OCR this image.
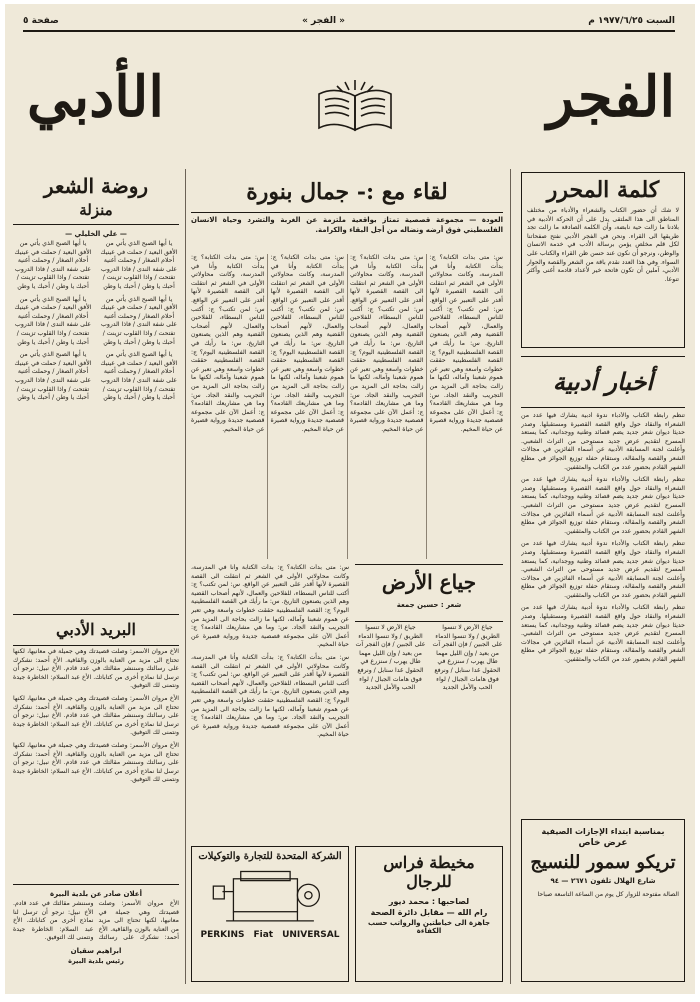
السبت ١٩٧٧/٦/٢٥ م
« الفجر »
صفحة ٥
الفجر
الأدبي
كلمة المحرر

لا شك أن حضور الكتاب والشعراء والأدباء من مختلف المناطق الى هذا الملتقى يدل على أن الحركة الأدبية في بلادنا ما زالت حية نابضة، وأن الكلمة الصادقة ما زالت تجد طريقها الى القراء. ونحن في الفجر الأدبي نفتح صفحاتنا لكل قلم مخلص يؤمن برسالة الأدب في خدمة الانسان والوطن، ونرجو أن نكون عند حسن ظن القراء والكتاب على السواء. وفي هذا العدد نقدم باقة من الشعر والقصة والحوار الأدبي، آملين أن تكون فاتحة خير لأعداد قادمة أغنى وأكثر تنوعا.

أخبار أدبية

تنظم رابطة الكتاب والأدباء ندوة أدبية يشارك فيها عدد من الشعراء والنقاد حول واقع القصة القصيرة ومستقبلها. وصدر حديثا ديوان شعر جديد يضم قصائد وطنية ووجدانية، كما يستعد المسرح لتقديم عرض جديد مستوحى من التراث الشعبي. وأعلنت لجنة المسابقة الأدبية عن أسماء الفائزين في مجالات الشعر والقصة والمقالة، وستقام حفلة توزيع الجوائز في مطلع الشهر القادم بحضور عدد من الكتاب والمثقفين.

تنظم رابطة الكتاب والأدباء ندوة أدبية يشارك فيها عدد من الشعراء والنقاد حول واقع القصة القصيرة ومستقبلها. وصدر حديثا ديوان شعر جديد يضم قصائد وطنية ووجدانية، كما يستعد المسرح لتقديم عرض جديد مستوحى من التراث الشعبي. وأعلنت لجنة المسابقة الأدبية عن أسماء الفائزين في مجالات الشعر والقصة والمقالة، وستقام حفلة توزيع الجوائز في مطلع الشهر القادم بحضور عدد من الكتاب والمثقفين.

تنظم رابطة الكتاب والأدباء ندوة أدبية يشارك فيها عدد من الشعراء والنقاد حول واقع القصة القصيرة ومستقبلها. وصدر حديثا ديوان شعر جديد يضم قصائد وطنية ووجدانية، كما يستعد المسرح لتقديم عرض جديد مستوحى من التراث الشعبي. وأعلنت لجنة المسابقة الأدبية عن أسماء الفائزين في مجالات الشعر والقصة والمقالة، وستقام حفلة توزيع الجوائز في مطلع الشهر القادم بحضور عدد من الكتاب والمثقفين.

تنظم رابطة الكتاب والأدباء ندوة أدبية يشارك فيها عدد من الشعراء والنقاد حول واقع القصة القصيرة ومستقبلها. وصدر حديثا ديوان شعر جديد يضم قصائد وطنية ووجدانية، كما يستعد المسرح لتقديم عرض جديد مستوحى من التراث الشعبي. وأعلنت لجنة المسابقة الأدبية عن أسماء الفائزين في مجالات الشعر والقصة والمقالة، وستقام حفلة توزيع الجوائز في مطلع الشهر القادم بحضور عدد من الكتاب والمثقفين.

بمناسبة ابتداء الإجازات الصيفية
عرض خاص
تريكو سمور للنسيج
شارع الهلال تلفون ٢٦٧١ — ٩٤

الصالة مفتوحة للزوار كل يوم من الساعة التاسعة صباحا

لقاء مع :- جمال بنورة

العودة — مجموعة قصصية تمتاز بواقعية ملتزمة عن الغربة والتشرد وحياة الانسان الفلسطيني فوق أرضه ونضاله من أجل البقاء والكرامة.

س: متى بدأت الكتابة؟ ج: بدأت الكتابة وأنا في المدرسة، وكانت محاولاتي الأولى في الشعر ثم انتقلت الى القصة القصيرة لأنها أقدر على التعبير عن الواقع. س: لمن تكتب؟ ج: أكتب للناس البسطاء، للفلاحين والعمال، لأنهم أصحاب القضية وهم الذين يصنعون التاريخ. س: ما رأيك في القصة الفلسطينية اليوم؟ ج: القصة الفلسطينية حققت خطوات واسعة وهي تعبر عن هموم شعبنا وآماله، لكنها ما زالت بحاجة الى المزيد من التجريب والنقد الجاد. س: وما هي مشاريعك القادمة؟ ج: أعمل الآن على مجموعة قصصية جديدة ورواية قصيرة عن حياة المخيم.

س: متى بدأت الكتابة؟ ج: بدأت الكتابة وأنا في المدرسة، وكانت محاولاتي الأولى في الشعر ثم انتقلت الى القصة القصيرة لأنها أقدر على التعبير عن الواقع. س: لمن تكتب؟ ج: أكتب للناس البسطاء، للفلاحين والعمال، لأنهم أصحاب القضية وهم الذين يصنعون التاريخ. س: ما رأيك في القصة الفلسطينية اليوم؟ ج: القصة الفلسطينية حققت خطوات واسعة وهي تعبر عن هموم شعبنا وآماله، لكنها ما زالت بحاجة الى المزيد من التجريب والنقد الجاد. س: وما هي مشاريعك القادمة؟ ج: أعمل الآن على مجموعة قصصية جديدة ورواية قصيرة عن حياة المخيم.

س: متى بدأت الكتابة؟ ج: بدأت الكتابة وأنا في المدرسة، وكانت محاولاتي الأولى في الشعر ثم انتقلت الى القصة القصيرة لأنها أقدر على التعبير عن الواقع. س: لمن تكتب؟ ج: أكتب للناس البسطاء، للفلاحين والعمال، لأنهم أصحاب القضية وهم الذين يصنعون التاريخ. س: ما رأيك في القصة الفلسطينية اليوم؟ ج: القصة الفلسطينية حققت خطوات واسعة وهي تعبر عن هموم شعبنا وآماله، لكنها ما زالت بحاجة الى المزيد من التجريب والنقد الجاد. س: وما هي مشاريعك القادمة؟ ج: أعمل الآن على مجموعة قصصية جديدة ورواية قصيرة عن حياة المخيم.

س: متى بدأت الكتابة؟ ج: بدأت الكتابة وأنا في المدرسة، وكانت محاولاتي الأولى في الشعر ثم انتقلت الى القصة القصيرة لأنها أقدر على التعبير عن الواقع. س: لمن تكتب؟ ج: أكتب للناس البسطاء، للفلاحين والعمال، لأنهم أصحاب القضية وهم الذين يصنعون التاريخ. س: ما رأيك في القصة الفلسطينية اليوم؟ ج: القصة الفلسطينية حققت خطوات واسعة وهي تعبر عن هموم شعبنا وآماله، لكنها ما زالت بحاجة الى المزيد من التجريب والنقد الجاد. س: وما هي مشاريعك القادمة؟ ج: أعمل الآن على مجموعة قصصية جديدة ورواية قصيرة عن حياة المخيم.

جياع الأرض
شعر : حسين جمعة

جياع الأرض لا تنسوا الطريق / ولا تنسوا الدماء على الجبين / فإن الفجر آت من بعيد / وإن الليل مهما طال يهرب / سنزرع في الحقول غدا سنابل / ونرفع فوق هامات الجبال / لواء الحب والأمل الجديد

جياع الأرض لا تنسوا الطريق / ولا تنسوا الدماء على الجبين / فإن الفجر آت من بعيد / وإن الليل مهما طال يهرب / سنزرع في الحقول غدا سنابل / ونرفع فوق هامات الجبال / لواء الحب والأمل الجديد

س: متى بدأت الكتابة؟ ج: بدأت الكتابة وأنا في المدرسة، وكانت محاولاتي الأولى في الشعر ثم انتقلت الى القصة القصيرة لأنها أقدر على التعبير عن الواقع. س: لمن تكتب؟ ج: أكتب للناس البسطاء، للفلاحين والعمال، لأنهم أصحاب القضية وهم الذين يصنعون التاريخ. س: ما رأيك في القصة الفلسطينية اليوم؟ ج: القصة الفلسطينية حققت خطوات واسعة وهي تعبر عن هموم شعبنا وآماله، لكنها ما زالت بحاجة الى المزيد من التجريب والنقد الجاد. س: وما هي مشاريعك القادمة؟ ج: أعمل الآن على مجموعة قصصية جديدة ورواية قصيرة عن حياة المخيم.

س: متى بدأت الكتابة؟ ج: بدأت الكتابة وأنا في المدرسة، وكانت محاولاتي الأولى في الشعر ثم انتقلت الى القصة القصيرة لأنها أقدر على التعبير عن الواقع. س: لمن تكتب؟ ج: أكتب للناس البسطاء، للفلاحين والعمال، لأنهم أصحاب القضية وهم الذين يصنعون التاريخ. س: ما رأيك في القصة الفلسطينية اليوم؟ ج: القصة الفلسطينية حققت خطوات واسعة وهي تعبر عن هموم شعبنا وآماله، لكنها ما زالت بحاجة الى المزيد من التجريب والنقد الجاد. س: وما هي مشاريعك القادمة؟ ج: أعمل الآن على مجموعة قصصية جديدة ورواية قصيرة عن حياة المخيم.

مخيطة فراس للرجال
لصاحبها : محمد ديور
رام الله — مقابل دائرة الصحة
جاهزة الى خياطتين والرواتب حسب الكفاءة
الشركة المتحدة للتجارة والتوكيلات
PERKINS Fiat UNIVERSAL
روضة الشعر
منزلة
— علي الخليلي —

يا أيها الصبح الذي يأتي من الأفق البعيد / حملت في عينيك أحلام الصغار / وحملت أغنية على شفة الندى / فاذا الدروب تفتحت / واذا القلوب تزينت / أحبك يا وطن / أحبك يا وطن

يا أيها الصبح الذي يأتي من الأفق البعيد / حملت في عينيك أحلام الصغار / وحملت أغنية على شفة الندى / فاذا الدروب تفتحت / واذا القلوب تزينت / أحبك يا وطن / أحبك يا وطن

يا أيها الصبح الذي يأتي من الأفق البعيد / حملت في عينيك أحلام الصغار / وحملت أغنية على شفة الندى / فاذا الدروب تفتحت / واذا القلوب تزينت / أحبك يا وطن / أحبك يا وطن

يا أيها الصبح الذي يأتي من الأفق البعيد / حملت في عينيك أحلام الصغار / وحملت أغنية على شفة الندى / فاذا الدروب تفتحت / واذا القلوب تزينت / أحبك يا وطن / أحبك يا وطن

يا أيها الصبح الذي يأتي من الأفق البعيد / حملت في عينيك أحلام الصغار / وحملت أغنية على شفة الندى / فاذا الدروب تفتحت / واذا القلوب تزينت / أحبك يا وطن / أحبك يا وطن

يا أيها الصبح الذي يأتي من الأفق البعيد / حملت في عينيك أحلام الصغار / وحملت أغنية على شفة الندى / فاذا الدروب تفتحت / واذا القلوب تزينت / أحبك يا وطن / أحبك يا وطن

البريد الأدبي

الأخ مروان الأسمر: وصلت قصيدتك وهي جميلة في معانيها، لكنها تحتاج الى مزيد من العناية بالوزن والقافية. الأخ أحمد: نشكرك على رسالتك وسننشر مقالتك في عدد قادم. الأخ نبيل: نرجو أن ترسل لنا نماذج أخرى من كتاباتك. الأخ عبد السلام: الخاطرة جيدة ونتمنى لك التوفيق.

الأخ مروان الأسمر: وصلت قصيدتك وهي جميلة في معانيها، لكنها تحتاج الى مزيد من العناية بالوزن والقافية. الأخ أحمد: نشكرك على رسالتك وسننشر مقالتك في عدد قادم. الأخ نبيل: نرجو أن ترسل لنا نماذج أخرى من كتاباتك. الأخ عبد السلام: الخاطرة جيدة ونتمنى لك التوفيق.

الأخ مروان الأسمر: وصلت قصيدتك وهي جميلة في معانيها، لكنها تحتاج الى مزيد من العناية بالوزن والقافية. الأخ أحمد: نشكرك على رسالتك وسننشر مقالتك في عدد قادم. الأخ نبيل: نرجو أن ترسل لنا نماذج أخرى من كتاباتك. الأخ عبد السلام: الخاطرة جيدة ونتمنى لك التوفيق.

أعلان صادر عن بلدية البيرة

الأخ مروان الأسمر: وصلت قصيدتك وهي جميلة في معانيها، لكنها تحتاج الى مزيد من العناية بالوزن والقافية. الأخ أحمد: نشكرك على رسالتك وسننشر مقالتك في عدد قادم. الأخ نبيل: نرجو أن ترسل لنا نماذج أخرى من كتاباتك. الأخ عبد السلام: الخاطرة جيدة ونتمنى لك التوفيق.

ابراهيم سقيان
رئيس بلدية البيرة
